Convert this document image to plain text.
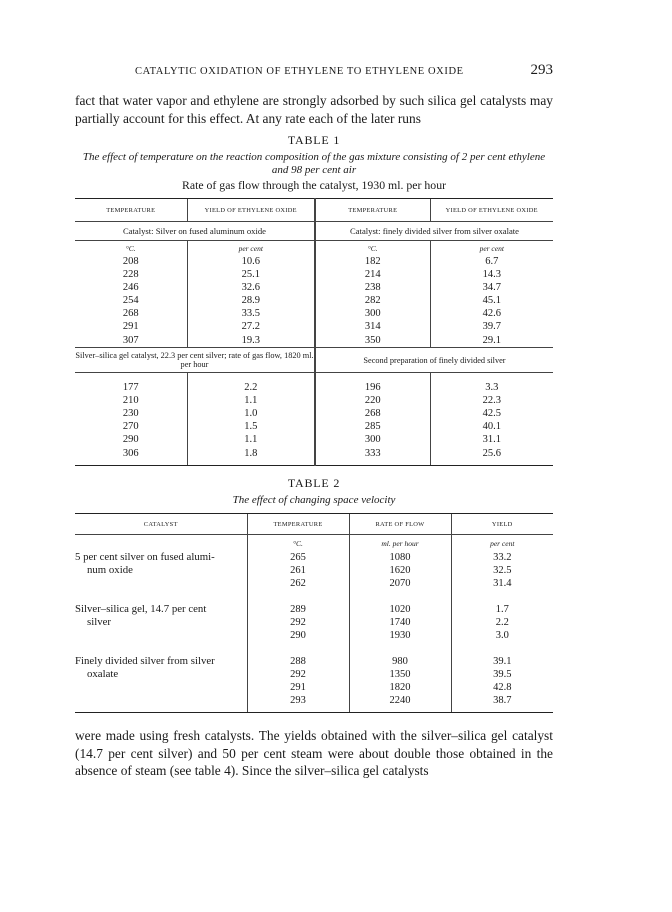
CATALYTIC OXIDATION OF ETHYLENE TO ETHYLENE OXIDE	293

fact that water vapor and ethylene are strongly adsorbed by such silica gel catalysts may partially account for this effect. At any rate each of the later runs

TABLE 1
The effect of temperature on the reaction composition of the gas mixture consisting of 2 per cent ethylene and 98 per cent air
Rate of gas flow through the catalyst, 1930 ml. per hour
TEMPERATURE	YIELD OF ETHYLENE OXIDE	TEMPERATURE	YIELD OF ETHYLENE OXIDE
Catalyst: Silver on fused aluminum oxide		Catalyst: finely divided silver from silver oxalate	
°C.	per cent	°C.	per cent
208	10.6	182	6.7
228	25.1	214	14.3
246	32.6	238	34.7
254	28.9	282	45.1
268	33.5	300	42.6
291	27.2	314	39.7
307	19.3	350	29.1
Silver–silica gel catalyst, 22.3 per cent silver; rate of gas flow, 1820 ml. per hour		Second preparation of finely divided silver	

177	2.2	196	3.3
210	1.1	220	22.3
230	1.0	268	42.5
270	1.5	285	40.1
290	1.1	300	31.1
306	1.8	333	25.6

TABLE 2
The effect of changing space velocity
CATALYST	TEMPERATURE	RATE OF FLOW	YIELD
	°C.	ml. per hour	per cent
5 per cent silver on fused alumi-
num oxide	265	1080	33.2
	261	1620	32.5
	262	2070	31.4

Silver–silica gel, 14.7 per cent
silver	289	1020	1.7
	292	1740	2.2
	290	1930	3.0

Finely divided silver from silver
oxalate	288	980	39.1
	292	1350	39.5
	291	1820	42.8
	293	2240	38.7

were made using fresh catalysts. The yields obtained with the silver–silica gel catalyst (14.7 per cent silver) and 50 per cent steam were about double those obtained in the absence of steam (see table 4). Since the silver–silica gel catalysts
